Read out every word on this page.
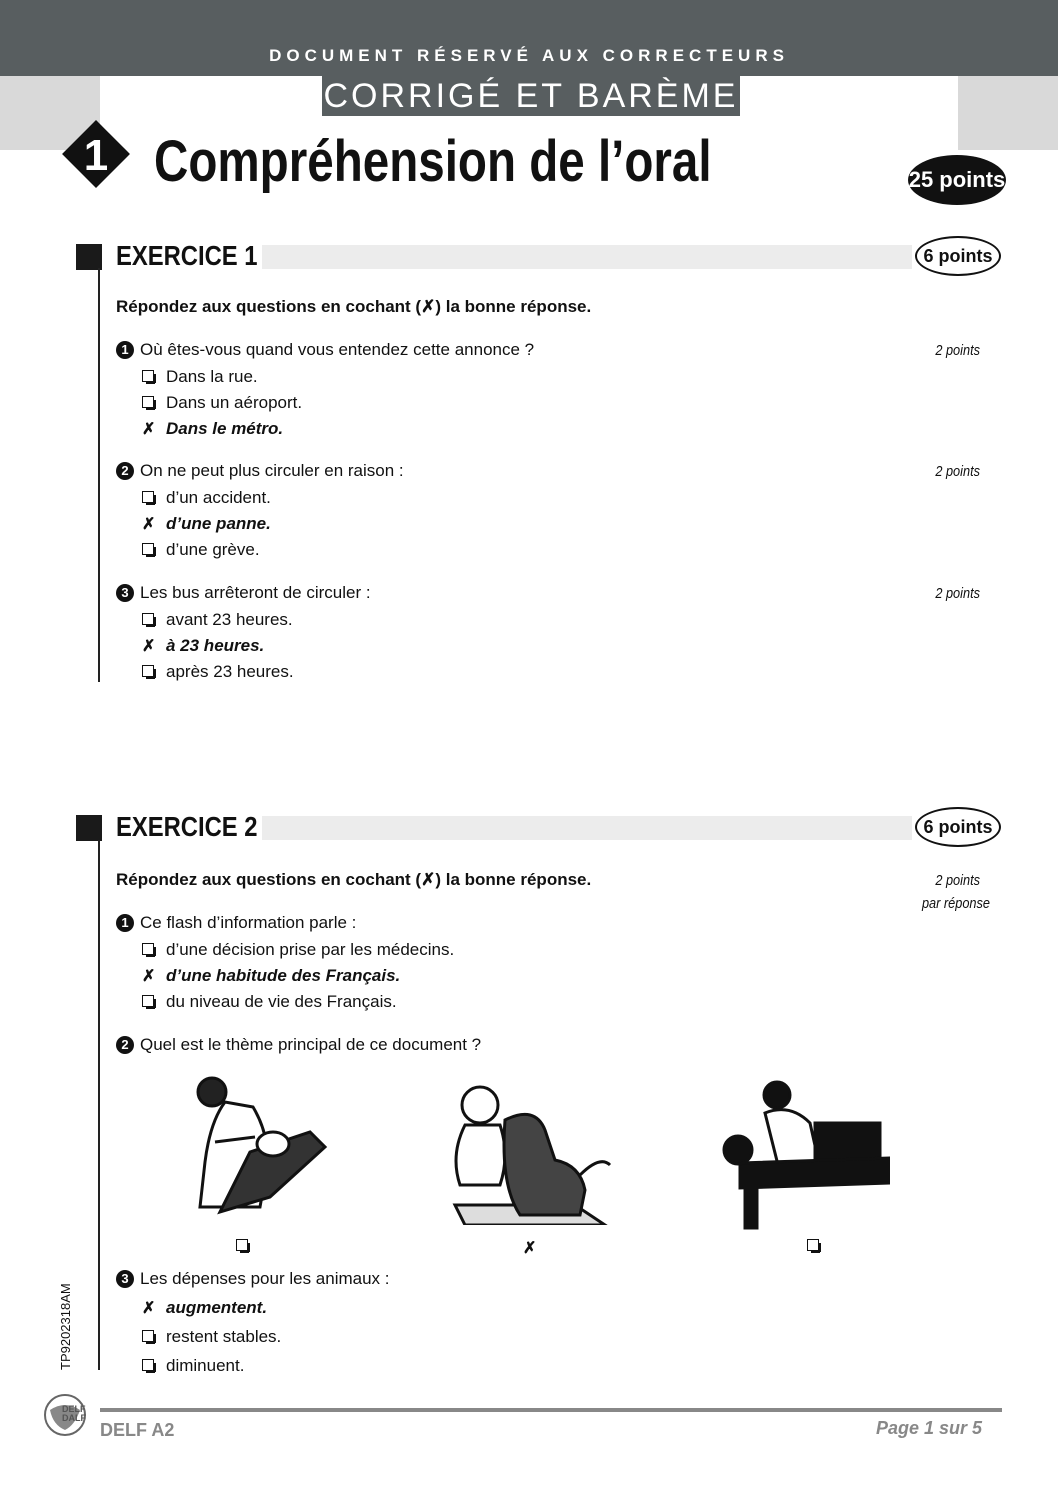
DOCUMENT RÉSERVÉ AUX CORRECTEURS
CORRIGÉ ET BARÈME
1 Compréhension de l’oral	25 points
EXERCICE 1	6 points
Répondez aux questions en cochant (✗) la bonne réponse.
1 Où êtes-vous quand vous entendez cette annonce ?	2 points
Dans la rue.
Dans un aéroport.
✗ Dans le métro.
2 On ne peut plus circuler en raison :	2 points
d’un accident.
✗ d’une panne.
d’une grève.
3 Les bus arrêteront de circuler :	2 points
avant 23 heures.
✗ à 23 heures.
après 23 heures.
EXERCICE 2	6 points
Répondez aux questions en cochant (✗) la bonne réponse.	2 points
par réponse
1 Ce flash d’information parle :
d’une décision prise par les médecins.
✗ d’une habitude des Français.
du niveau de vie des Français.
3 Les dépenses pour les animaux :
✗ augmentent.
restent stables.
diminuent.
2 Quel est le thème principal de ce document ?
✗
TP9202318AM
DELF DALF
DELF A2	Page 1 sur 5
